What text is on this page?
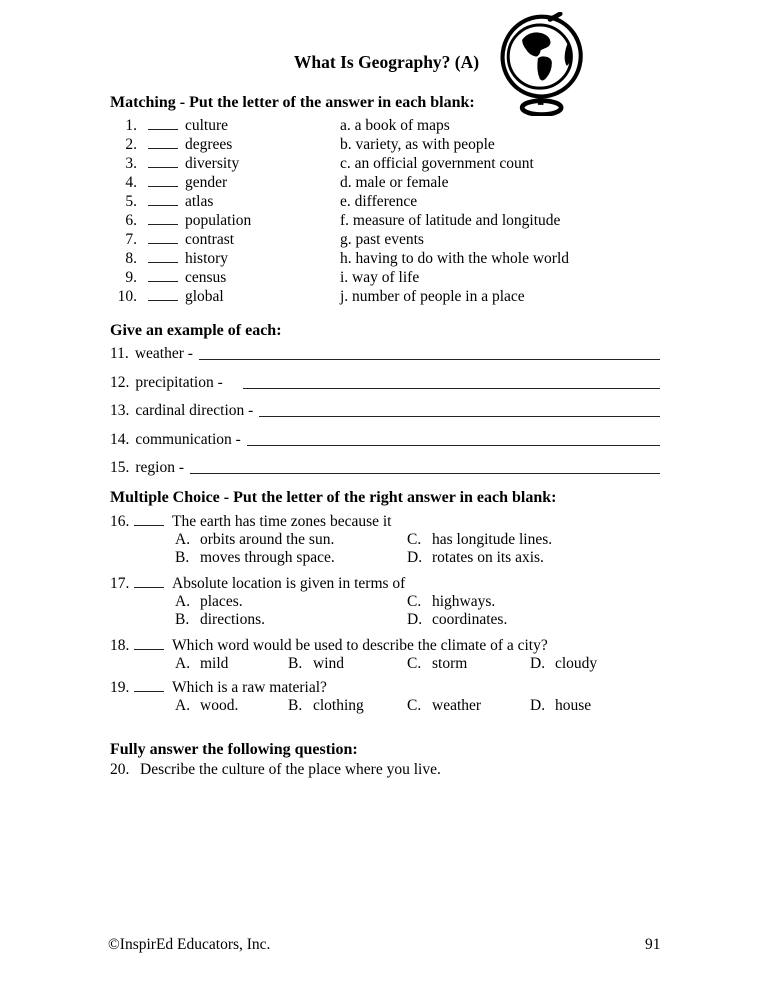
What Is Geography? (A)
Matching - Put the letter of the answer in each blank:
1.	culture	a. a book of maps
2.	degrees	b. variety, as with people
3.	diversity	c. an official government count
4.	gender	d. male or female
5.	atlas	e. difference
6.	population	f. measure of latitude and longitude
7.	contrast	g. past events
8.	history	h. having to do with the whole world
9.	census	i. way of life
10.	global	j. number of people in a place
Give an example of each:
11. weather -
12. precipitation -
13. cardinal direction -
14. communication -
15. region -
Multiple Choice - Put the letter of the right answer in each blank:
16.	The earth has time zones because it
A. orbits around the sun.	C. has longitude lines.
B. moves through space.	D. rotates on its axis.
17.	Absolute location is given in terms of
A. places.	C. highways.
B. directions.	D. coordinates.
18.	Which word would be used to describe the climate of a city?
A. mild	B. wind	C. storm	D. cloudy
19.	Which is a raw material?
A. wood.	B. clothing	C. weather	D. house
Fully answer the following question:
20. Describe the culture of the place where you live.
©InspirEd Educators, Inc.	91
